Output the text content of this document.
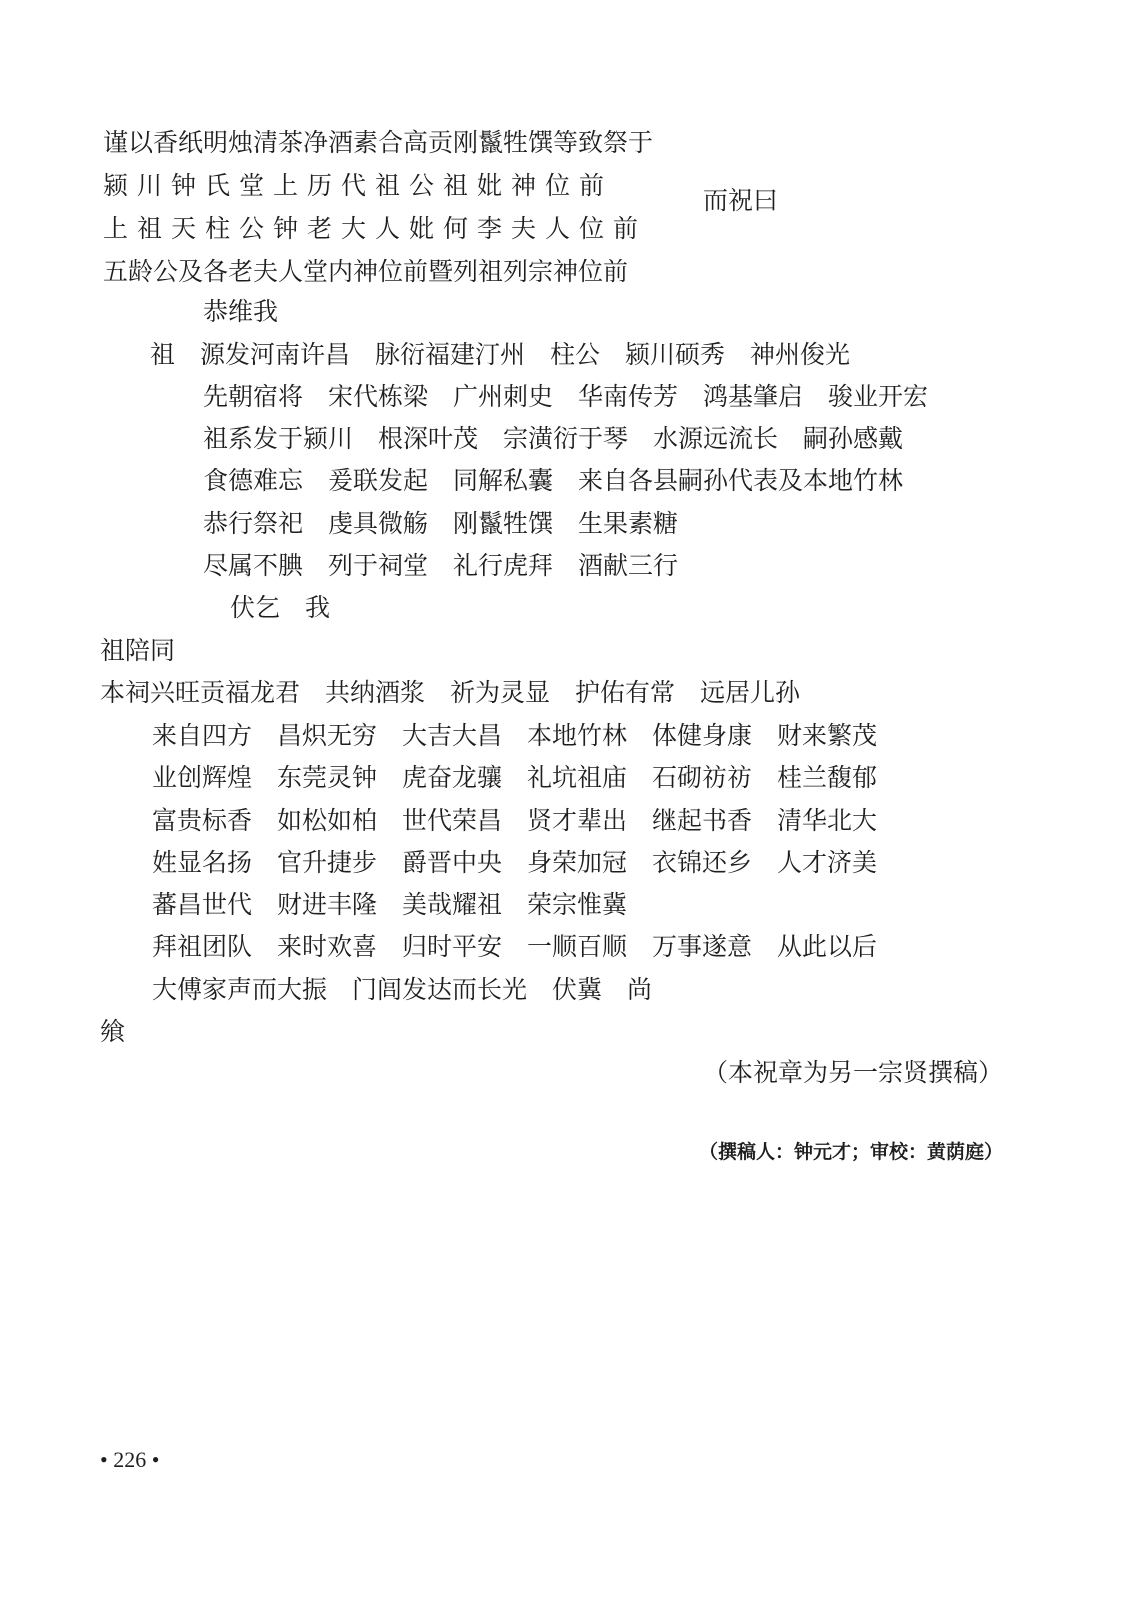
谨以香纸明烛清茶净酒素合高贡刚鬣牲馔等致祭于
颍川钟氏堂上历代祖公祖妣神位前
上祖天柱公钟老大人妣何李夫人位前
五龄公及各老夫人堂内神位前暨列祖列宗神位前
而祝曰
恭维我
祖　源发河南许昌　脉衍福建汀州　柱公　颍川硕秀　神州俊光
先朝宿将　宋代栋梁　广州刺史　华南传芳　鸿基肇启　骏业开宏
祖系发于颍川　根深叶茂　宗潢衍于琴　水源远流长　嗣孙感戴
食德难忘　爰联发起　同解私囊　来自各县嗣孙代表及本地竹林
恭行祭祀　虔具微觞　刚鬣牲馔　生果素糖
尽属不腆　列于祠堂　礼行虎拜　酒献三行
伏乞　我
祖陪同
本祠兴旺贡福龙君　共纳酒浆　祈为灵显　护佑有常　远居儿孙
来自四方　昌炽无穷　大吉大昌　本地竹林　体健身康　财来繁茂
业创辉煌　东莞灵钟　虎奋龙骧　礼坑祖庙　石砌祊祊　桂兰馥郁
富贵标香　如松如柏　世代荣昌　贤才辈出　继起书香　清华北大
姓显名扬　官升捷步　爵晋中央　身荣加冠　衣锦还乡　人才济美
蕃昌世代　财进丰隆　美哉耀祖　荣宗惟冀
拜祖团队　来时欢喜　归时平安　一顺百顺　万事遂意　从此以后
大傅家声而大振　门闾发达而长光　伏冀　尚
飨
（本祝章为另一宗贤撰稿）
（撰稿人：钟元才；审校：黄荫庭）
• 226 •
